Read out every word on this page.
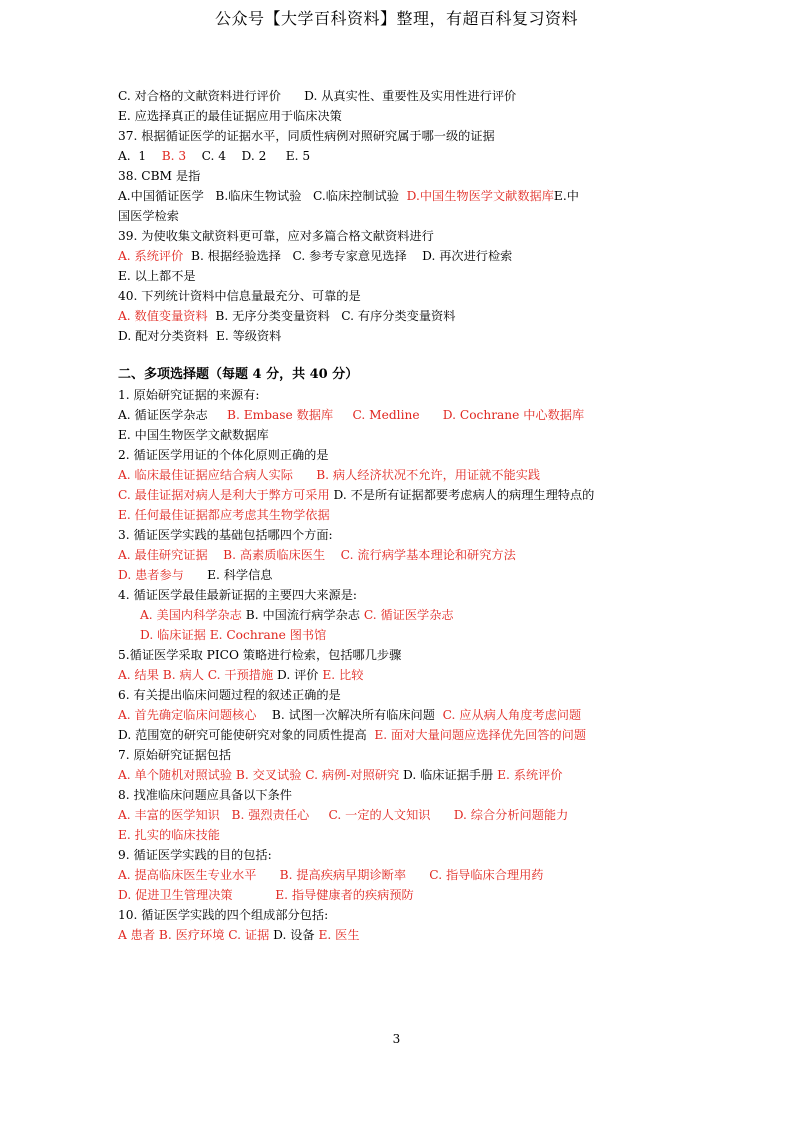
公众号【大学百科资料】整理，有超百科复习资料
C. 对合格的文献资料进行评价      D. 从真实性、重要性及实用性进行评价
E. 应选择真正的最佳证据应用于临床决策
37. 根据循证医学的证据水平，同质性病例对照研究属于哪一级的证据
A.  1    B. 3    C. 4    D. 2     E. 5
38. CBM 是指
A.中国循证医学   B.临床生物试验   C.临床控制试验  D.中国生物医学文献数据库E.中
国医学检索
39. 为使收集文献资料更可靠，应对多篇合格文献资料进行
A. 系统评价  B. 根据经验选择   C. 参考专家意见选择    D. 再次进行检索
E. 以上都不是
40. 下列统计资料中信息量最充分、可靠的是
A. 数值变量资料  B. 无序分类变量资料   C. 有序分类变量资料
D. 配对分类资料  E. 等级资料
二、多项选择题（每题 4 分，共 40 分）
1. 原始研究证据的来源有:
A. 循证医学杂志     B. Embase 数据库     C. Medline      D. Cochrane 中心数据库
E. 中国生物医学文献数据库
2. 循证医学用证的个体化原则正确的是
A. 临床最佳证据应结合病人实际      B. 病人经济状况不允许，用证就不能实践
C. 最佳证据对病人是利大于弊方可采用 D. 不是所有证据都要考虑病人的病理生理特点的
E. 任何最佳证据都应考虑其生物学依据
3. 循证医学实践的基础包括哪四个方面:
A. 最佳研究证据    B. 高素质临床医生    C. 流行病学基本理论和研究方法
D. 患者参与      E. 科学信息
4. 循证医学最佳最新证据的主要四大来源是:
A. 美国内科学杂志 B. 中国流行病学杂志 C. 循证医学杂志
D. 临床证据 E. Cochrane 图书馆
5.循证医学采取 PICO 策略进行检索，包括哪几步骤
A. 结果 B. 病人 C. 干预措施 D. 评价 E. 比较
6. 有关提出临床问题过程的叙述正确的是
A. 首先确定临床问题核心    B. 试图一次解决所有临床问题  C. 应从病人角度考虑问题
D. 范围宽的研究可能使研究对象的同质性提高  E. 面对大量问题应选择优先回答的问题
7. 原始研究证据包括
A. 单个随机对照试验 B. 交叉试验 C. 病例-对照研究 D. 临床证据手册 E. 系统评价
8. 找准临床问题应具备以下条件
A. 丰富的医学知识   B. 强烈责任心     C. 一定的人文知识      D. 综合分析问题能力
E. 扎实的临床技能
9. 循证医学实践的目的包括:
A. 提高临床医生专业水平      B. 提高疾病早期诊断率      C. 指导临床合理用药
D. 促进卫生管理决策           E. 指导健康者的疾病预防
10. 循证医学实践的四个组成部分包括:
A 患者 B. 医疗环境 C. 证据 D. 设备 E. 医生
3
